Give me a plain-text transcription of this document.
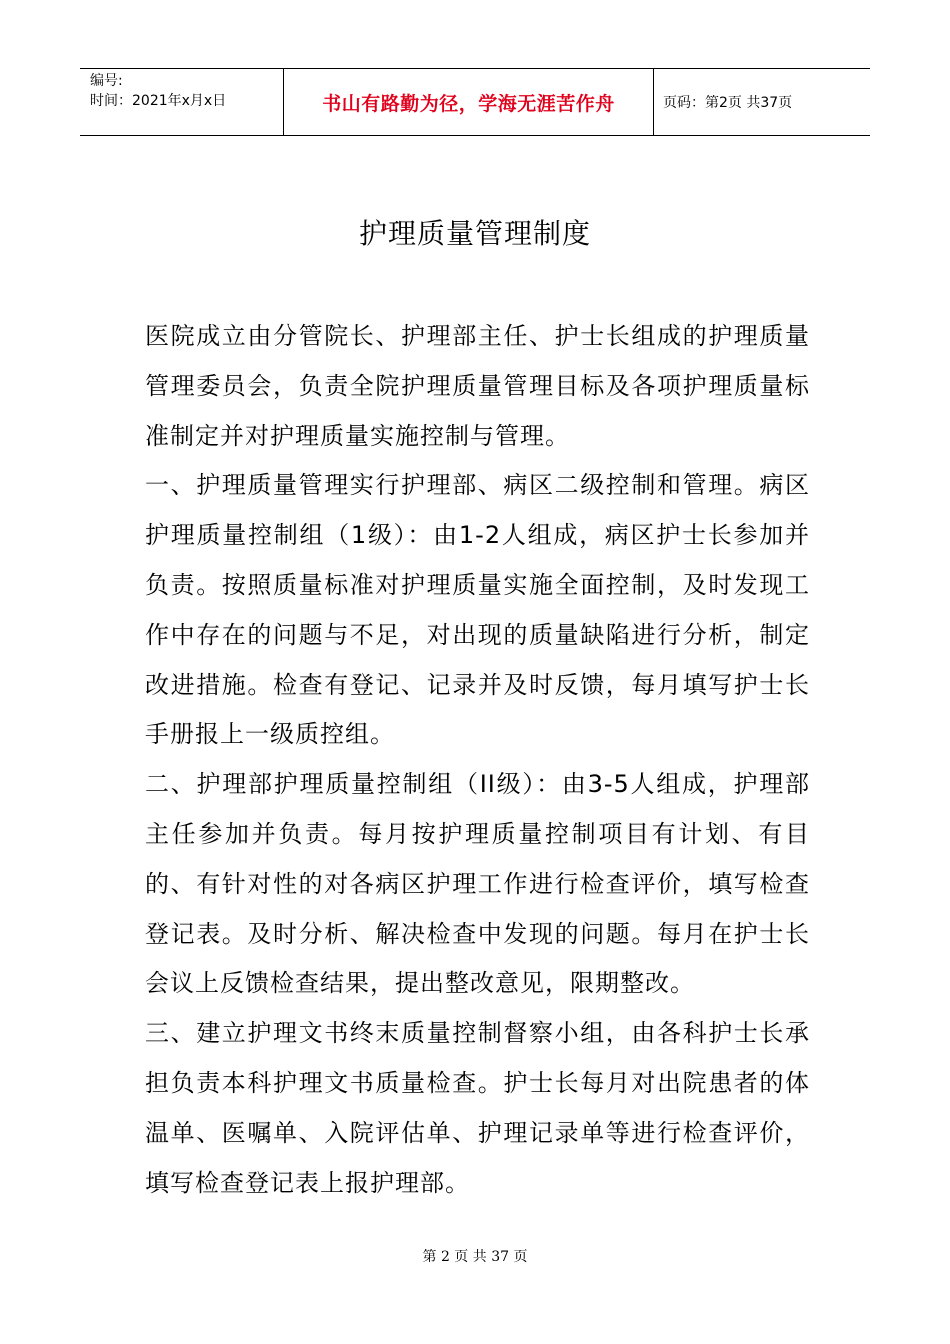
编号:
时间：2021年x月x日	书山有路勤为径，学海无涯苦作舟	页码：第2页 共37页
护理质量管理制度

医院成立由分管院长、护理部主任、护士长组成的护理质量管理委员会，负责全院护理质量管理目标及各项护理质量标准制定并对护理质量实施控制与管理。

一、护理质量管理实行护理部、病区二级控制和管理。病区护理质量控制组（1级）：由1-2人组成，病区护士长参加并负责。按照质量标准对护理质量实施全面控制，及时发现工作中存在的问题与不足，对出现的质量缺陷进行分析，制定改进措施。检查有登记、记录并及时反馈，每月填写护士长手册报上一级质控组。

二、护理部护理质量控制组（II级）：由3-5人组成，护理部主任参加并负责。每月按护理质量控制项目有计划、有目的、有针对性的对各病区护理工作进行检查评价，填写检查登记表。及时分析、解决检查中发现的问题。每月在护士长会议上反馈检查结果，提出整改意见，限期整改。

三、建立护理文书终末质量控制督察小组，由各科护士长承担负责本科护理文书质量检查。护士长每月对出院患者的体温单、医嘱单、入院评估单、护理记录单等进行检查评价，填写检查登记表上报护理部。

第 2 页 共 37 页
